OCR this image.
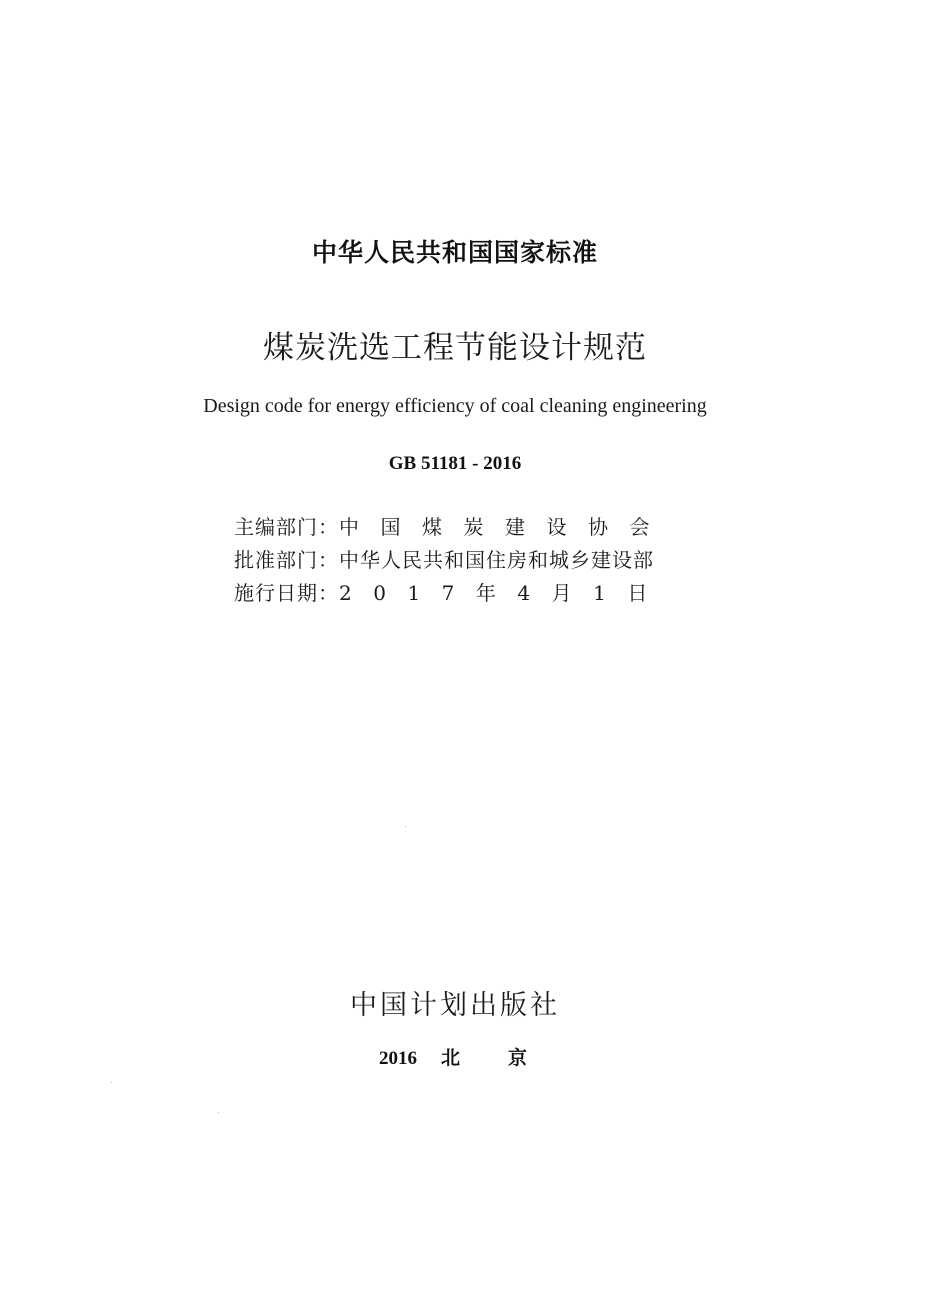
中华人民共和国国家标准
煤炭洗选工程节能设计规范
Design code for energy efficiency of coal cleaning engineering
GB 51181 - 2016
主编部门：中国煤炭建设协会
批准部门：中华人民共和国住房和城乡建设部
施行日期：2017年4月1日
中国计划出版社
2016 北京
